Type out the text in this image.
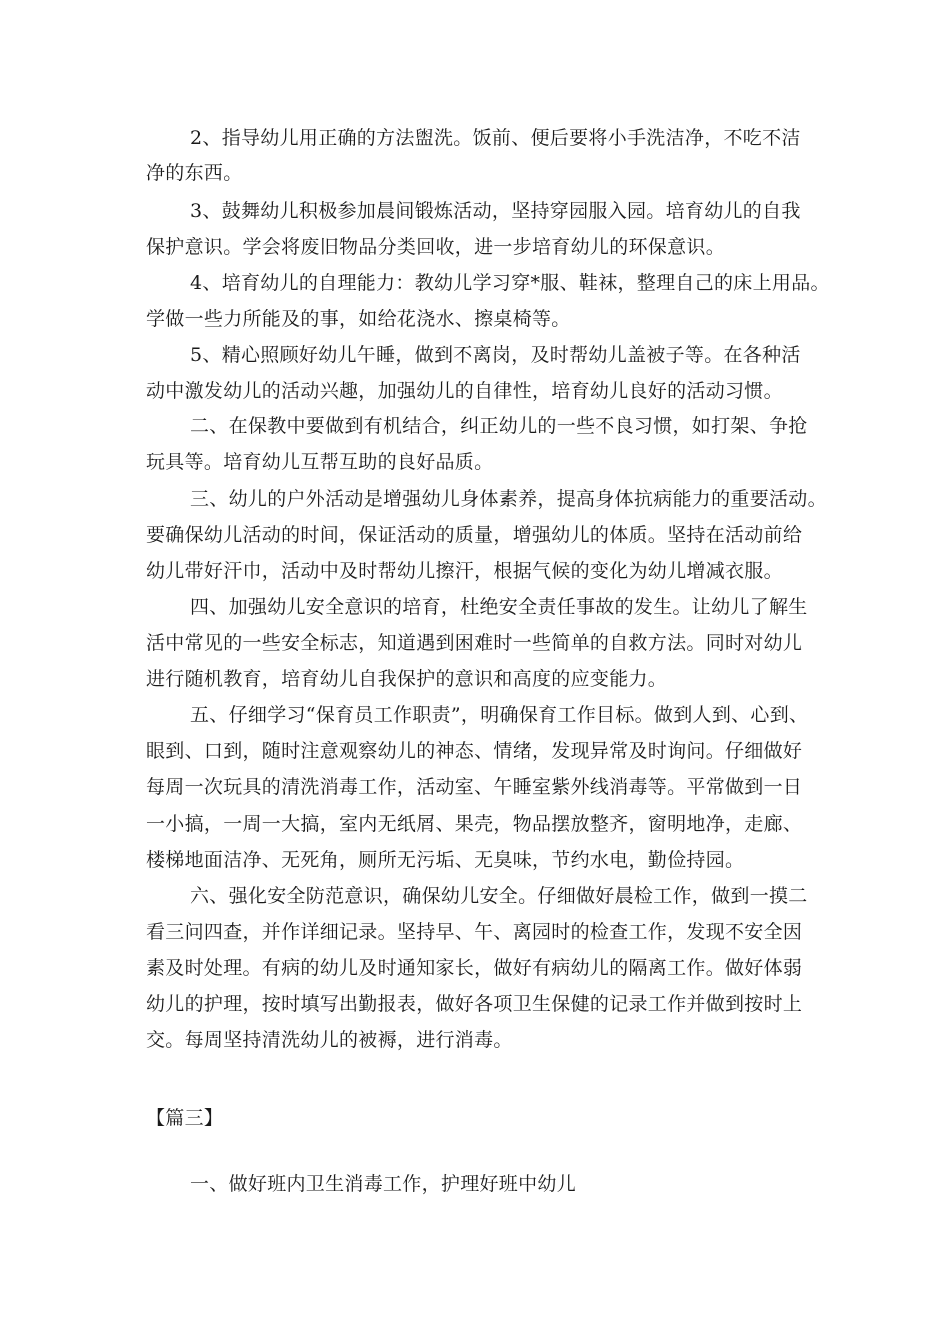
2、指导幼儿用正确的方法盥洗。饭前、便后要将小手洗洁净，不吃不洁
净的东西。
3、鼓舞幼儿积极参加晨间锻炼活动，坚持穿园服入园。培育幼儿的自我
保护意识。学会将废旧物品分类回收，进一步培育幼儿的环保意识。
4、培育幼儿的自理能力：教幼儿学习穿*服、鞋袜，整理自己的床上用品。
学做一些力所能及的事，如给花浇水、擦桌椅等。
5、精心照顾好幼儿午睡，做到不离岗，及时帮幼儿盖被子等。在各种活
动中激发幼儿的活动兴趣，加强幼儿的自律性，培育幼儿良好的活动习惯。
二、在保教中要做到有机结合，纠正幼儿的一些不良习惯，如打架、争抢
玩具等。培育幼儿互帮互助的良好品质。
三、幼儿的户外活动是增强幼儿身体素养，提高身体抗病能力的重要活动。
要确保幼儿活动的时间，保证活动的质量，增强幼儿的体质。坚持在活动前给
幼儿带好汗巾，活动中及时帮幼儿擦汗，根据气候的变化为幼儿增减衣服。
四、加强幼儿安全意识的培育，杜绝安全责任事故的发生。让幼儿了解生
活中常见的一些安全标志，知道遇到困难时一些简单的自救方法。同时对幼儿
进行随机教育，培育幼儿自我保护的意识和高度的应变能力。
五、仔细学习“保育员工作职责”，明确保育工作目标。做到人到、心到、
眼到、口到，随时注意观察幼儿的神态、情绪，发现异常及时询问。仔细做好
每周一次玩具的清洗消毒工作，活动室、午睡室紫外线消毒等。平常做到一日
一小搞，一周一大搞，室内无纸屑、果壳，物品摆放整齐，窗明地净，走廊、
楼梯地面洁净、无死角，厕所无污垢、无臭味，节约水电，勤俭持园。
六、强化安全防范意识，确保幼儿安全。仔细做好晨检工作，做到一摸二
看三问四查，并作详细记录。坚持早、午、离园时的检查工作，发现不安全因
素及时处理。有病的幼儿及时通知家长，做好有病幼儿的隔离工作。做好体弱
幼儿的护理，按时填写出勤报表，做好各项卫生保健的记录工作并做到按时上
交。每周坚持清洗幼儿的被褥，进行消毒。
【篇三】
一、做好班内卫生消毒工作，护理好班中幼儿
